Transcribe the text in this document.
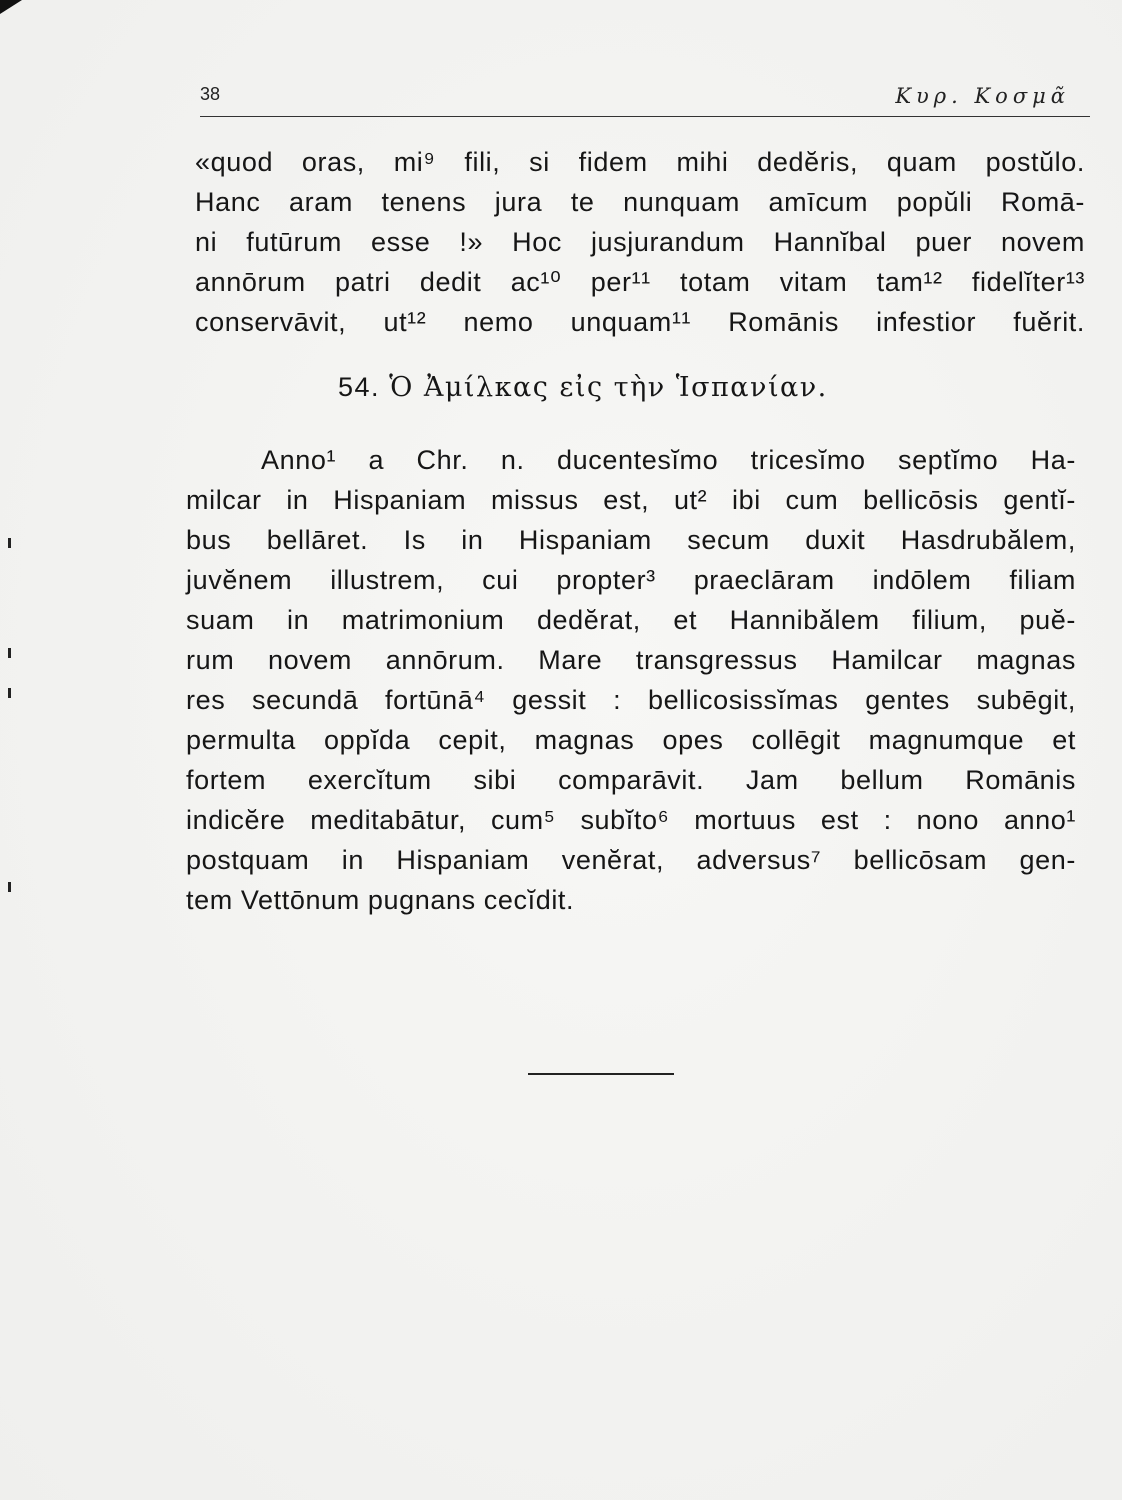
38	Κυρ. Κοσμᾶ
«quod oras, mi⁹ fili, si fidem mihi dedĕris, quam postŭlo.
Hanc aram tenens jura te nunquam amīcum popŭli Romā-
ni futūrum esse !» Hoc jusjurandum Hannĭbal puer novem
annōrum patri dedit ac¹⁰ per¹¹ totam vitam tam¹² fidelĭter¹³
conservāvit, ut¹² nemo unquam¹¹ Romānis infestior fuĕrit.
54. Ὁ Ἀμίλκας εἰς τὴν Ἱσπανίαν.
Anno¹ a Chr. n. ducentesĭmo tricesĭmo septĭmo Ha-
milcar in Hispaniam missus est, ut² ibi cum bellicōsis gentĭ-
bus bellāret. Is in Hispaniam secum duxit Hasdrubălem,
juvĕnem illustrem, cui propter³ praeclāram indōlem filiam
suam in matrimonium dedĕrat, et Hannibălem filium, puĕ-
rum novem annōrum. Mare transgressus Hamilcar magnas
res secundā fortūnā⁴ gessit : bellicosissĭmas gentes subēgit,
permulta oppĭda cepit, magnas opes collēgit magnumque et
fortem exercĭtum sibi comparāvit. Jam bellum Romānis
indicĕre meditabātur, cum⁵ subĭto⁶ mortuus est : nono anno¹
postquam in Hispaniam venĕrat, adversus⁷ bellicōsam gen-
tem Vettōnum pugnans cecĭdit.
